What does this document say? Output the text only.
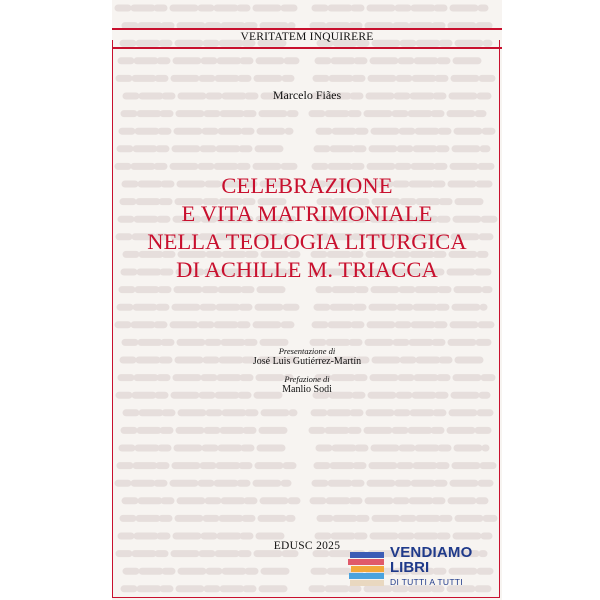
VERITATEM INQUIRERE
Marcelo Fiães
CELEBRAZIONE
E VITA MATRIMONIALE
NELLA TEOLOGIA LITURGICA
DI ACHILLE M. TRIACCA
Presentazione di
José Luis Gutiérrez-Martín
Prefazione di
Manlio Sodi
EDUSC 2025	VENDIAMO
LIBRI
DI TUTTI A TUTTI
